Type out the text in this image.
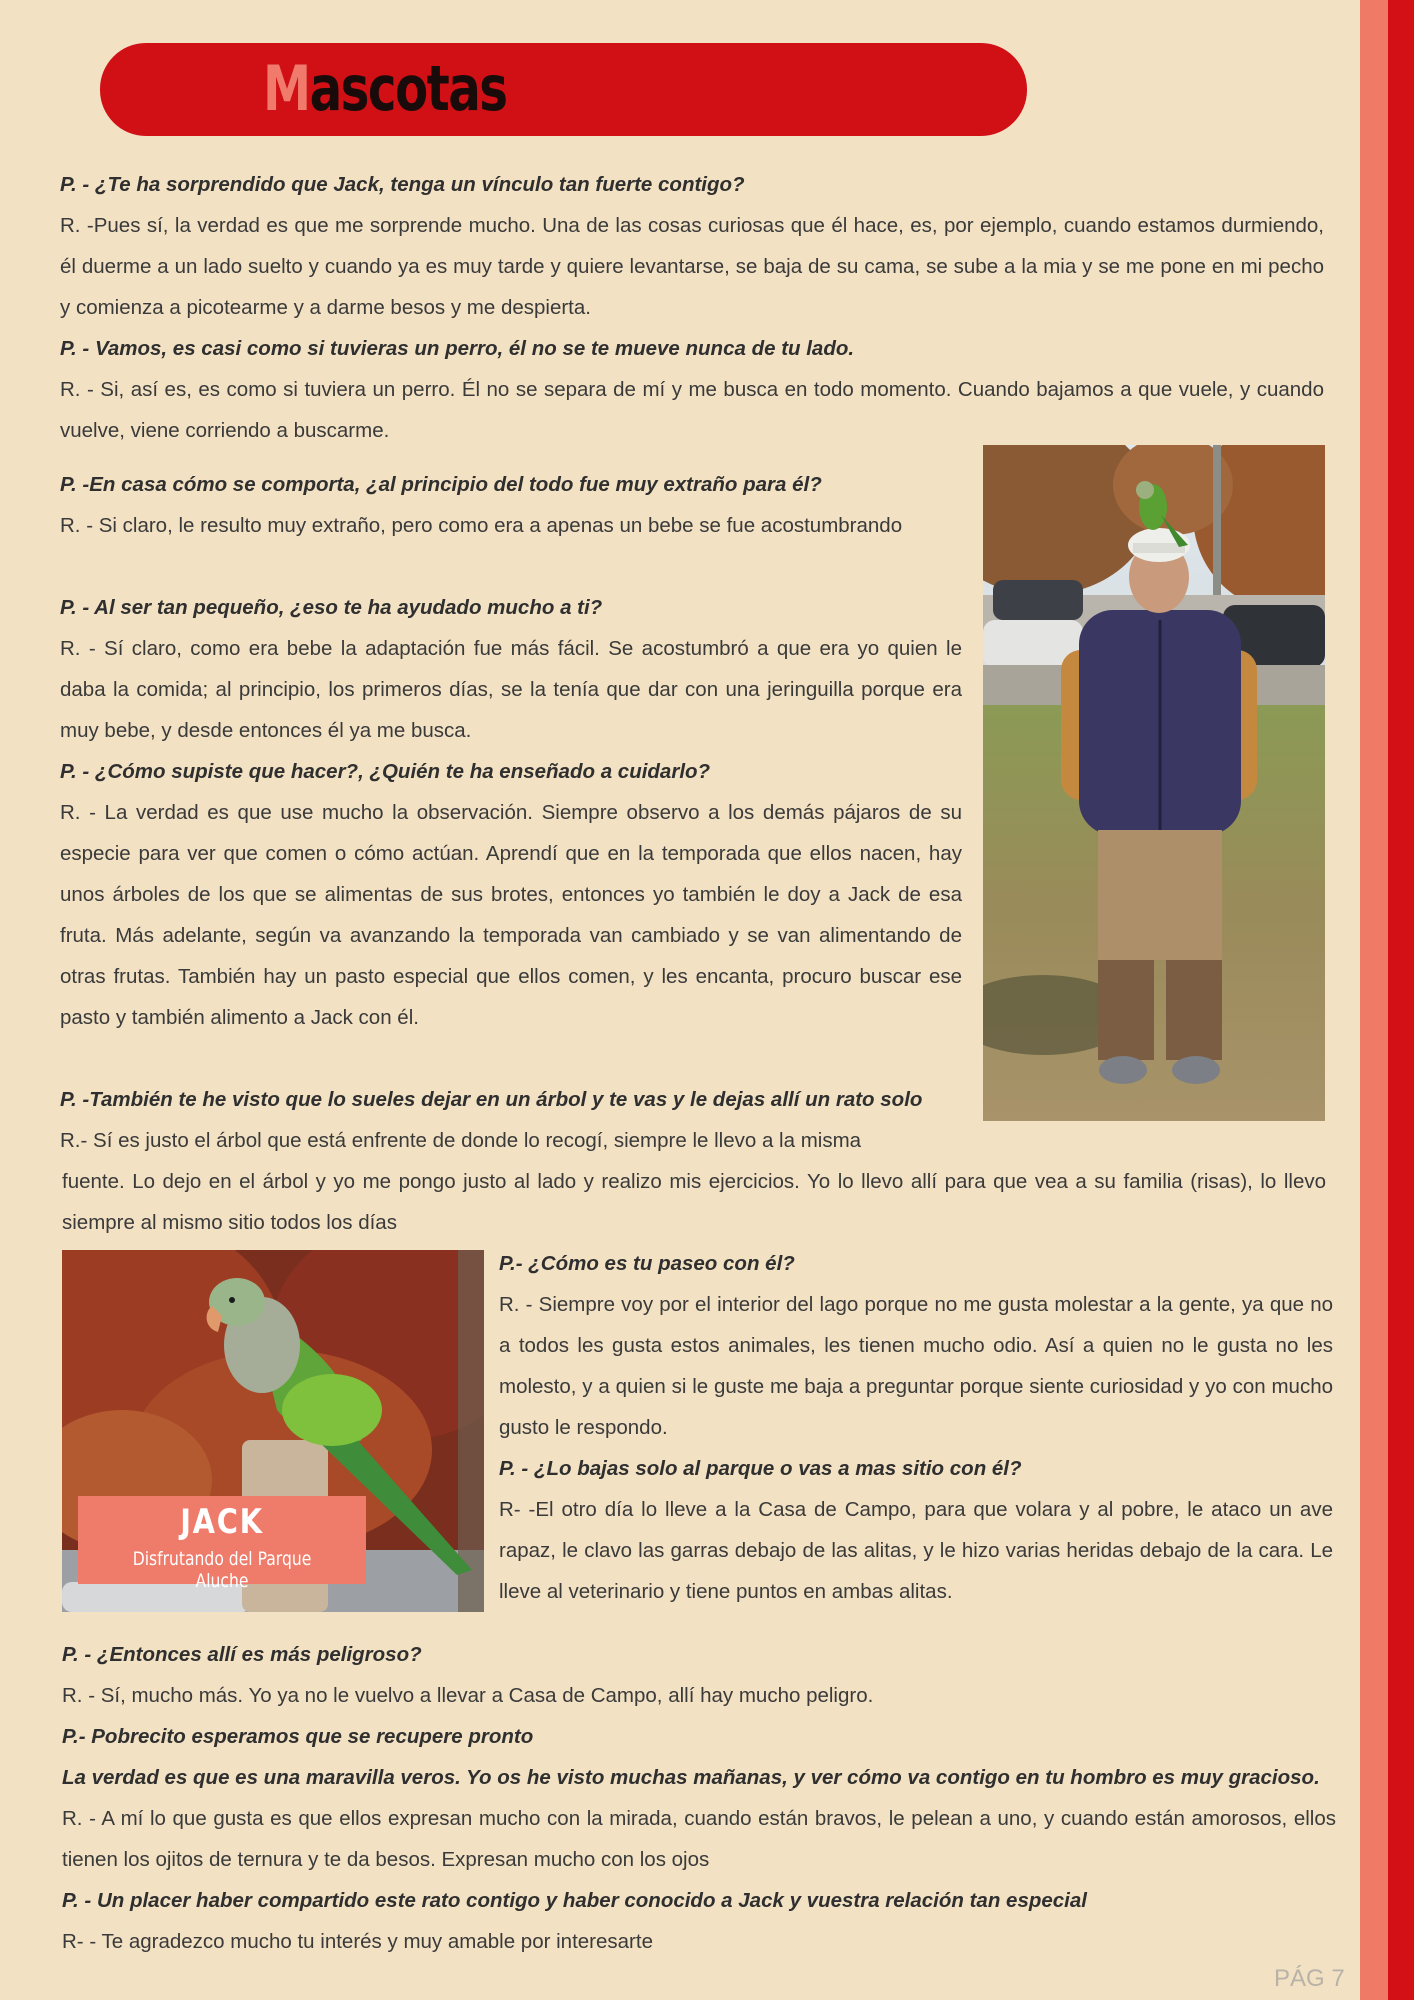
Mascotas

P. - ¿Te ha sorprendido que Jack, tenga un vínculo tan fuerte contigo?

R. -Pues sí, la verdad es que me sorprende mucho. Una de las cosas curiosas que él hace, es, por ejemplo, cuando estamos durmiendo, él duerme a un lado suelto y cuando ya es muy tarde y quiere levantarse, se baja de su cama, se sube a la mia y se me pone en mi pecho y comienza a picotearme y a darme besos y me despierta.

P. - Vamos, es casi como si tuvieras un perro, él no se te mueve nunca de tu lado.

R. - Si, así es, es como si tuviera un perro. Él no se separa de mí y me busca en todo momento. Cuando bajamos a que vuele, y cuando vuelve, viene corriendo a buscarme.

P. -En casa cómo se comporta, ¿al principio del todo fue muy extraño para él?

R. - Si claro, le resulto muy extraño, pero como era a apenas un bebe se fue acostumbrando

P. - Al ser tan pequeño, ¿eso te ha ayudado mucho a ti?

R. - Sí claro, como era bebe la adaptación fue más fácil. Se acostumbró a que era yo quien le daba la comida; al principio, los primeros días, se la tenía que dar con una jeringuilla porque era muy bebe, y desde entonces él ya me busca.

P. - ¿Cómo supiste que hacer?, ¿Quién te ha enseñado a cuidarlo?

R. - La verdad es que use mucho la observación. Siempre observo a los demás pájaros de su especie para ver que comen o cómo actúan. Aprendí que en la temporada que ellos nacen, hay unos árboles de los que se alimentas de sus brotes, entonces yo también le doy a Jack de esa fruta. Más adelante, según va avanzando la temporada van cambiado y se van alimentando de otras frutas. También hay un pasto especial que ellos comen, y les encanta, procuro buscar ese pasto y también alimento a Jack con él.

P. -También te he visto que lo sueles dejar en un árbol y te vas y le dejas allí un rato solo

R.- Sí es justo el árbol que está enfrente de donde lo recogí, siempre le llevo a la misma

fuente. Lo dejo en el árbol y yo me pongo justo al lado y realizo mis ejercicios. Yo lo llevo allí para que vea a su familia (risas), lo llevo siempre al mismo sitio todos los días

JACK
Disfrutando del Parque Aluche

P.- ¿Cómo es tu paseo con él?

R. - Siempre voy por el interior del lago porque no me gusta molestar a la gente, ya que no a todos les gusta estos animales, les tienen mucho odio. Así a quien no le gusta no les molesto, y a quien si le guste me baja a preguntar porque siente curiosidad y yo con mucho gusto le respondo.

P. - ¿Lo bajas solo al parque o vas a mas sitio con él?

R- -El otro día lo lleve a la Casa de Campo, para que volara y al pobre, le ataco un ave rapaz, le clavo las garras debajo de las alitas, y le hizo varias heridas debajo de la cara. Le lleve al veterinario y tiene puntos en ambas alitas.

P. - ¿Entonces allí es más peligroso?

R. - Sí, mucho más. Yo ya no le vuelvo a llevar a Casa de Campo, allí hay mucho peligro.

P.- Pobrecito esperamos que se recupere pronto

La verdad es que es una maravilla veros. Yo os he visto muchas mañanas, y ver cómo va contigo en tu hombro es muy gracioso.

R. - A mí lo que gusta es que ellos expresan mucho con la mirada, cuando están bravos, le pelean a uno, y cuando están amorosos, ellos tienen los ojitos de ternura y te da besos. Expresan mucho con los ojos

P. - Un placer haber compartido este rato contigo y haber conocido a Jack y vuestra relación tan especial

R- - Te agradezco mucho tu interés y muy amable por interesarte

PÁG 7
